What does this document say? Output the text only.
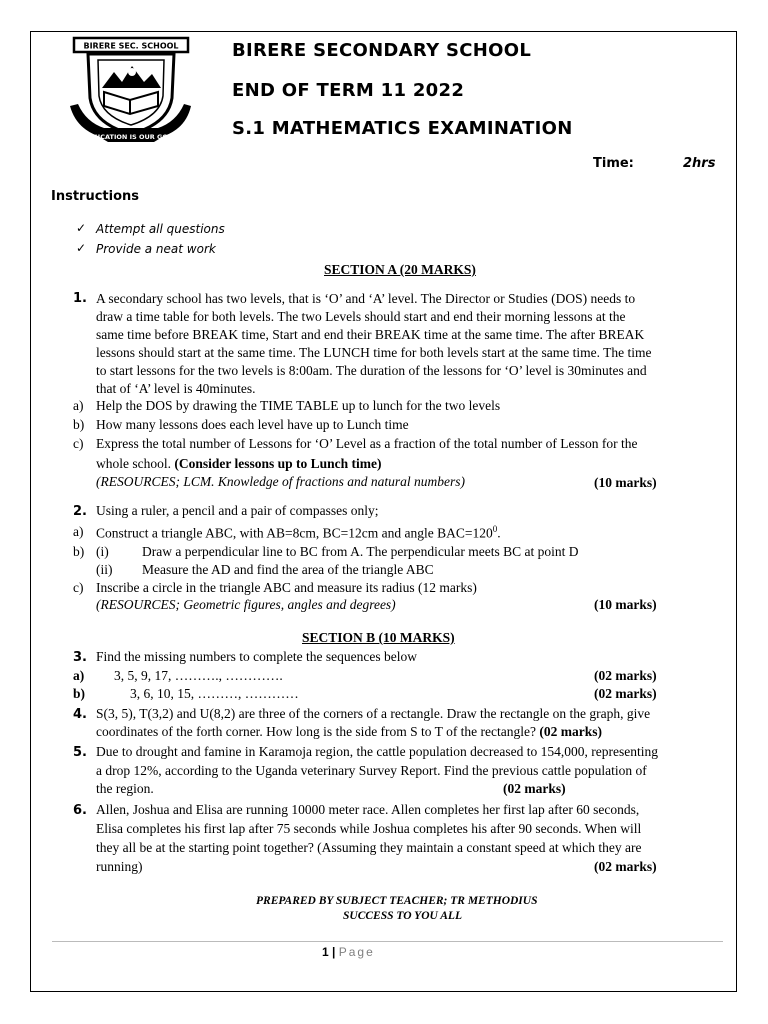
BIRERE SEC. SCHOOL
EDUCATION IS OUR GOAL
BIRERE SECONDARY SCHOOL
END OF TERM 11 2022
S.1 MATHEMATICS EXAMINATION
Time:	2hrs
Instructions
✓ Attempt all questions
✓ Provide a neat work
SECTION A (20 MARKS)
1. A secondary school has two levels, that is ‘O’ and ‘A’ level. The Director or Studies (DOS) needs to
draw a time table for both levels. The two Levels should start and end their morning lessons at the
same time before BREAK time, Start and end their BREAK time at the same time. The after BREAK
lessons should start at the same time. The LUNCH time for both levels start at the same time. The time
to start lessons for the two levels is 8:00am. The duration of the lessons for ‘O’ level is 30minutes and
that of ‘A’ level is 40minutes.
a) Help the DOS by drawing the TIME TABLE up to lunch for the two levels
b) How many lessons does each level have up to Lunch time
c) Express the total number of Lessons for ‘O’ Level as a fraction of the total number of Lesson for the
whole school. (Consider lessons up to Lunch time)
(RESOURCES; LCM. Knowledge of fractions and natural numbers)	(10 marks)
2. Using a ruler, a pencil and a pair of compasses only;
a) Construct a triangle ABC, with AB=8cm, BC=12cm and angle $BAC=120^0$.
b) (i) Draw a perpendicular line to BC from A. The perpendicular meets BC at point D
(ii) Measure the AD and find the area of the triangle ABC
c) Inscribe a circle in the triangle ABC and measure its radius (12 marks)
(RESOURCES; Geometric figures, angles and degrees)	(10 marks)
SECTION B (10 MARKS)
3. Find the missing numbers to complete the sequences below
a) 3, 5, 9, 17, ………., ………….	(02 marks)
b)	3, 6, 10, 15, ………, …………	(02 marks)
4. S(3, 5), T(3,2) and U(8,2) are three of the corners of a rectangle. Draw the rectangle on the graph, give
coordinates of the forth corner. How long is the side from S to T of the rectangle? (02 marks)
5. Due to drought and famine in Karamoja region, the cattle population decreased to 154,000, representing
a drop 12%, according to the Uganda veterinary Survey Report. Find the previous cattle population of
the region.	(02 marks)
6. Allen, Joshua and Elisa are running 10000 meter race. Allen completes her first lap after 60 seconds,
Elisa completes his first lap after 75 seconds while Joshua completes his after 90 seconds. When will
they all be at the starting point together? (Assuming they maintain a constant speed at which they are
running)	(02 marks)
PREPARED BY SUBJECT TEACHER; TR METHODIUS
SUCCESS TO YOU ALL
1 | Page
